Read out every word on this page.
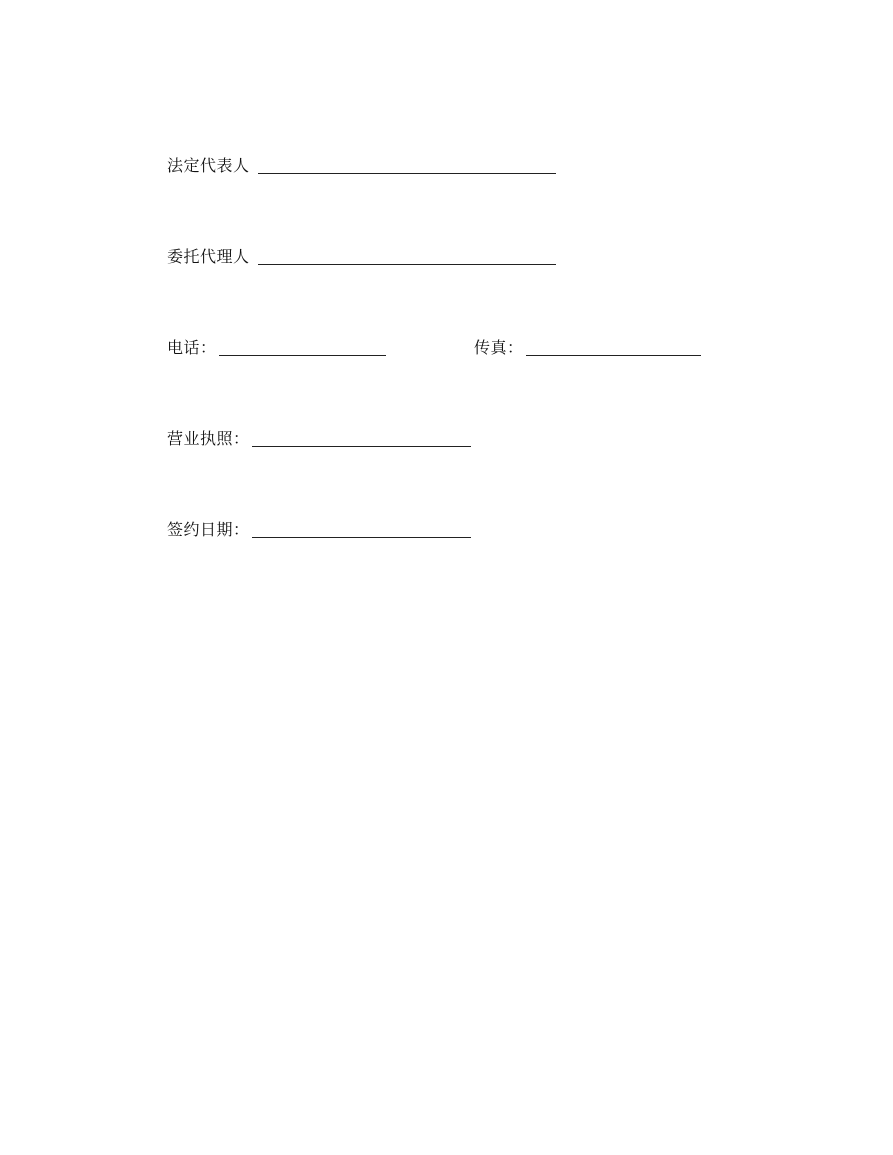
法定代表人
委托代理人
电话：	传真：
营业执照：
签约日期：
